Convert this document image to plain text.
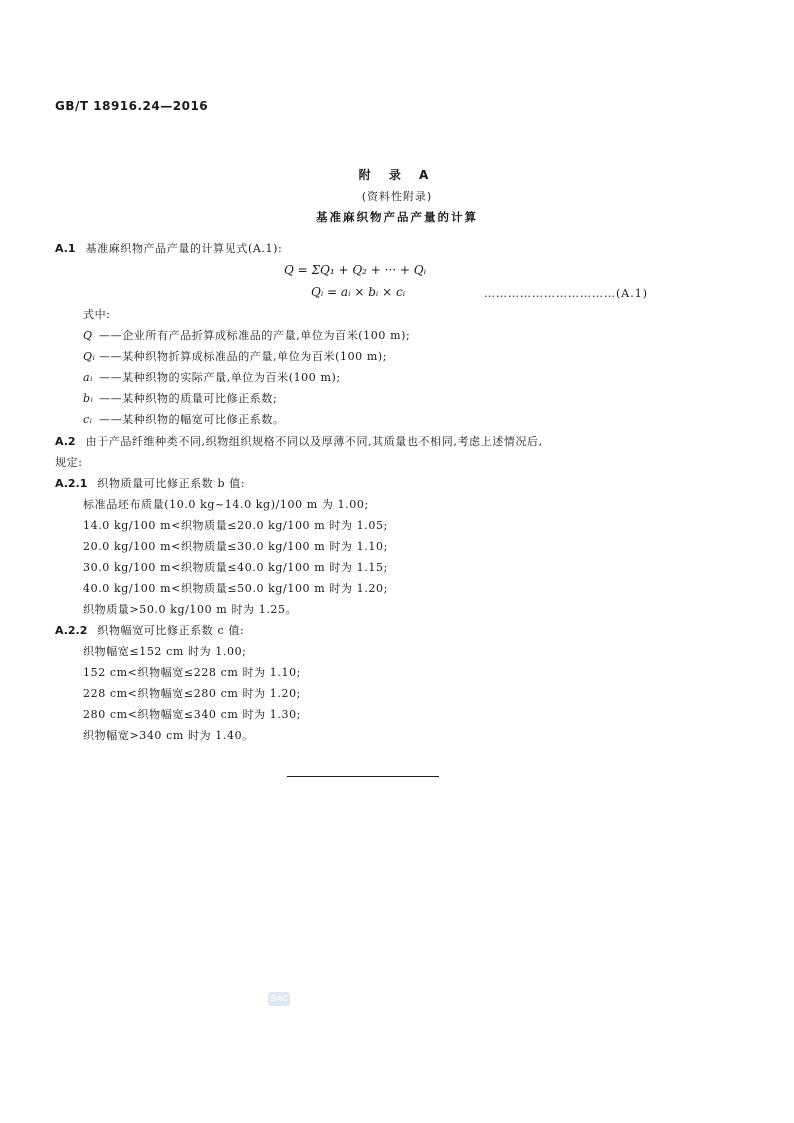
GB/T 18916.24—2016
附 录 A
(资料性附录)
基准麻织物产品产量的计算
A.1 基准麻织物产品产量的计算见式(A.1):
Q = ΣQ₁ + Q₂ + ··· + Qᵢ
Qᵢ = aᵢ × bᵢ × cᵢ	……………………………(A.1)
式中:
Q ——企业所有产品折算成标准品的产量,单位为百米(100 m);
Qᵢ ——某种织物折算成标准品的产量,单位为百米(100 m);
aᵢ ——某种织物的实际产量,单位为百米(100 m);
bᵢ ——某种织物的质量可比修正系数;
cᵢ ——某种织物的幅宽可比修正系数。
A.2 由于产品纤维种类不同,织物组织规格不同以及厚薄不同,其质量也不相同,考虑上述情况后,
规定:
A.2.1 织物质量可比修正系数 b 值:
标准品坯布质量(10.0 kg~14.0 kg)/100 m 为 1.00;
14.0 kg/100 m<织物质量≤20.0 kg/100 m 时为 1.05;
20.0 kg/100 m<织物质量≤30.0 kg/100 m 时为 1.10;
30.0 kg/100 m<织物质量≤40.0 kg/100 m 时为 1.15;
40.0 kg/100 m<织物质量≤50.0 kg/100 m 时为 1.20;
织物质量>50.0 kg/100 m 时为 1.25。
A.2.2 织物幅宽可比修正系数 c 值:
织物幅宽≤152 cm 时为 1.00;
152 cm<织物幅宽≤228 cm 时为 1.10;
228 cm<织物幅宽≤280 cm 时为 1.20;
280 cm<织物幅宽≤340 cm 时为 1.30;
织物幅宽>340 cm 时为 1.40。
SAC
